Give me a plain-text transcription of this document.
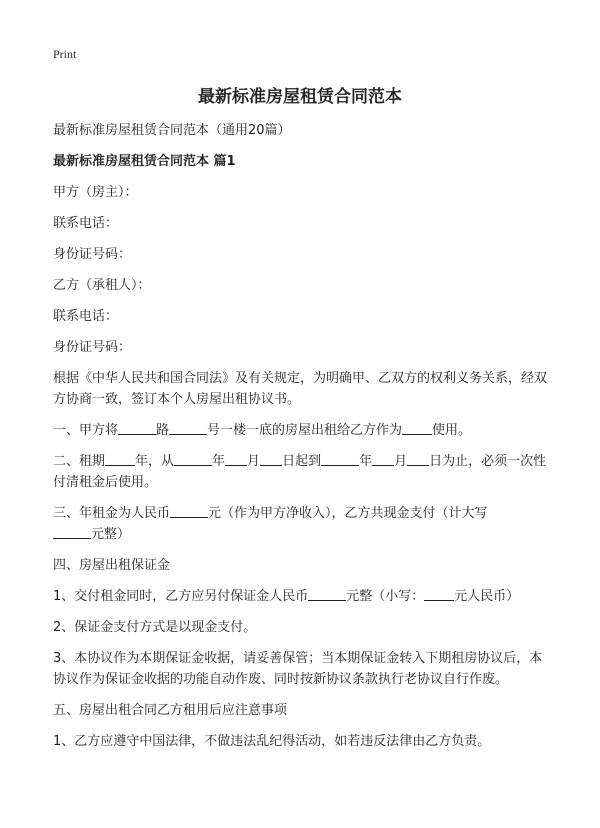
Print
最新标准房屋租赁合同范本

最新标准房屋租赁合同范本（通用20篇）

最新标准房屋租赁合同范本 篇1

甲方（房主）：

联系电话：

身份证号码：

乙方（承租人）：

联系电话：

身份证号码：

根据《中华人民共和国合同法》及有关规定，为明确甲、乙双方的权利义务关系，经双方协商一致，签订本个人房屋出租协议书。

一、甲方将	路	号一楼一底的房屋出租给乙方作为 使用。

二、租期 年，从	年 月 日起到	年 月 日为止，必须一次性付清租金后使用。

三、年租金为人民币	元（作为甲方净收入），乙方共现金支付（计大写
元整）

四、房屋出租保证金

1、交付租金同时，乙方应另付保证金人民币	元整（小写： 元人民币）

2、保证金支付方式是以现金支付。

3、本协议作为本期保证金收据，请妥善保管；当本期保证金转入下期租房协议后，本协议作为保证金收据的功能自动作废、同时按新协议条款执行老协议自行作废。

五、房屋出租合同乙方租用后应注意事项

1、乙方应遵守中国法律，不做违法乱纪得活动，如若违反法律由乙方负责。
